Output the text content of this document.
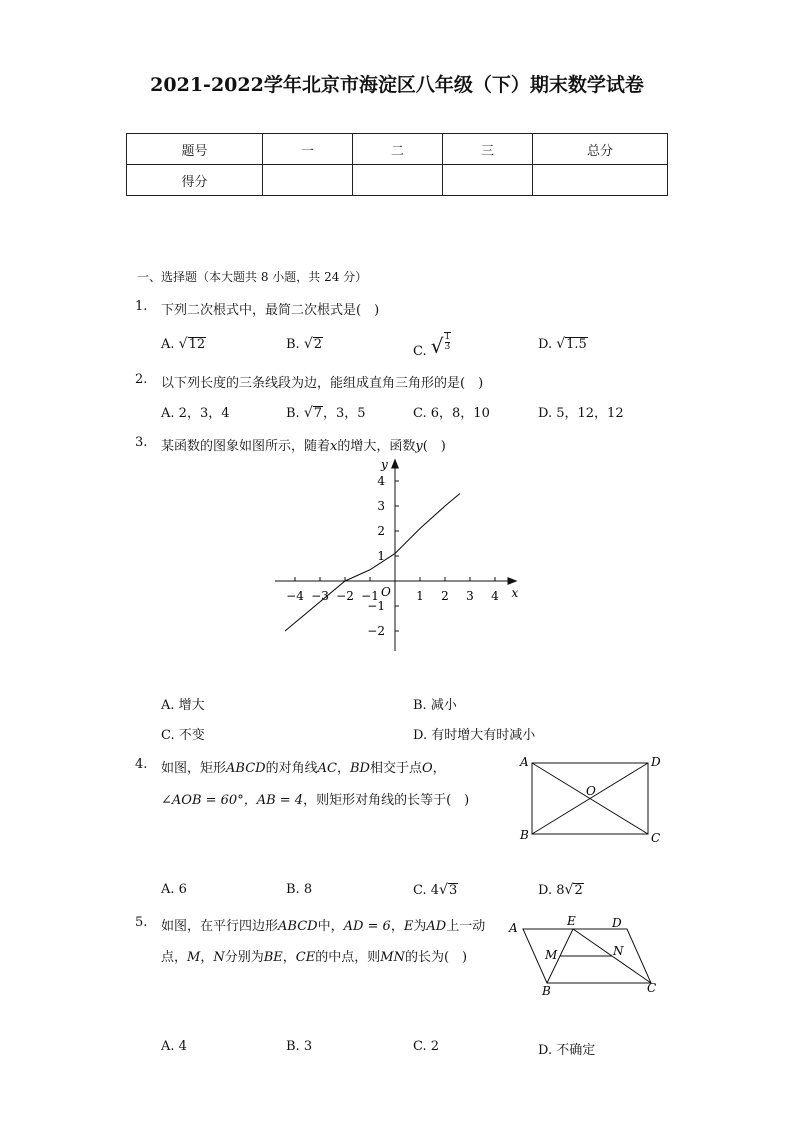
2021-2022学年北京市海淀区八年级（下）期末数学试卷
题号	一	二	三	总分
得分				
一、选择题（本大题共 8 小题，共 24 分）
1. 下列二次根式中，最简二次根式是(　)
A. √12	B. √2	C. $√\frac{1}{3}$	D. √1.5
2. 以下列长度的三条线段为边，能组成直角三角形的是(　)
A. 2，3，4	B. √7，3，5	C. 6，8，10	D. 5，12，12
3. 某函数的图象如图所示，随着x的增大，函数y(　)
−4 −3 −2 −1	1 2 3 4
4
3
2
1
−1
−2
x
y
O
A. 增大	B. 减小
C. 不变	D. 有时增大有时减小
4. 如图，矩形ABCD的对角线AC，BD相交于点O，
∠AOB = 60°，AB = 4，则矩形对角线的长等于(　)
A	D
B	C
O
A. 6	B. 8	C. 4√3	D. 8√2
5. 如图，在平行四边形ABCD中，AD = 6，E为AD上一动
点，M，N分别为BE，CE的中点，则MN的长为(　)
A	E	D
M	N
B	C
A. 4	B. 3	C. 2	D. 不确定
